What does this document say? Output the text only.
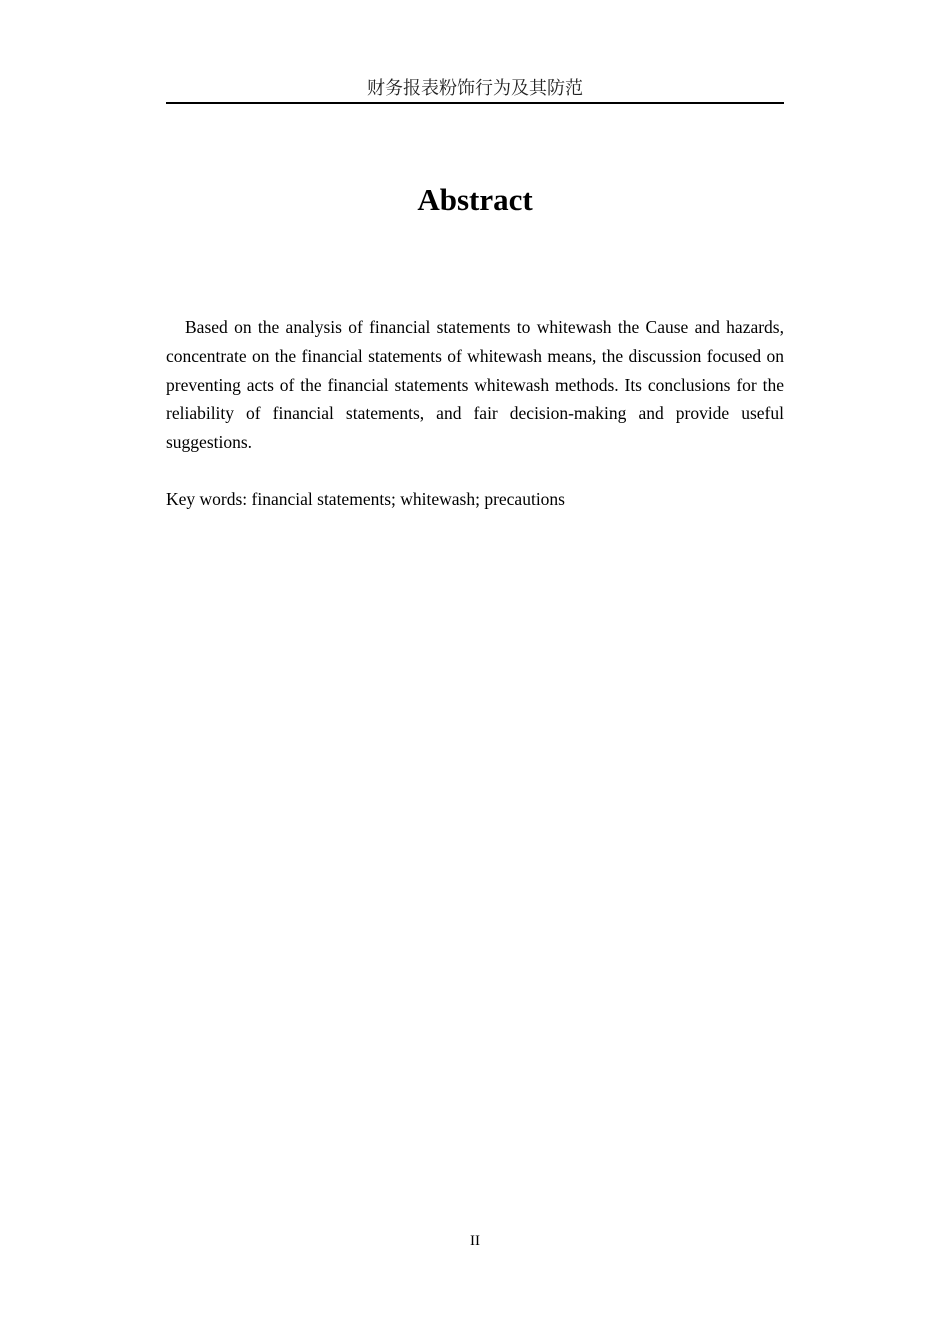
财务报表粉饰行为及其防范
Abstract

Based on the analysis of financial statements to whitewash the Cause and hazards, concentrate on the financial statements of whitewash means, the discussion focused on preventing acts of the financial statements whitewash methods. Its conclusions for the reliability of financial statements, and fair decision-making and provide useful suggestions.

Key words: financial statements; whitewash; precautions

II
